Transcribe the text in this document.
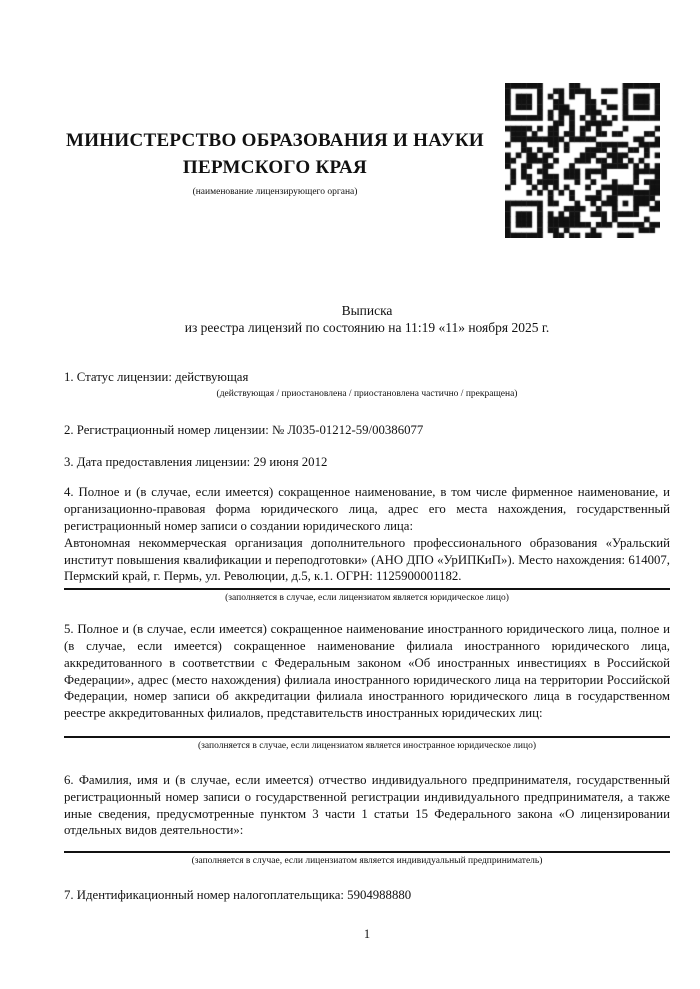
МИНИСТЕРСТВО ОБРАЗОВАНИЯ И НАУКИ
ПЕРМСКОГО КРАЯ
(наименование лицензирующего органа)
Выписка
из реестра лицензий по состоянию на 11:19 «11» ноября 2025 г.

1. Статус лицензии: действующая

(действующая / приостановлена / приостановлена частично / прекращена)

2. Регистрационный номер лицензии: № Л035-01212-59/00386077

3. Дата предоставления лицензии: 29 июня 2012

4. Полное и (в случае, если имеется) сокращенное наименование, в том числе фирменное наименование, и организационно-правовая форма юридического лица, адрес его места нахождения, государственный регистрационный номер записи о создании юридического лица:

Автономная некоммерческая организация дополнительного профессионального образования «Уральский институт повышения квалификации и переподготовки» (АНО ДПО «УрИПКиП»). Место нахождения: 614007, Пермский край, г. Пермь, ул. Революции, д.5, к.1. ОГРН: 1125900001182.

(заполняется в случае, если лицензиатом является юридическое лицо)

5. Полное и (в случае, если имеется) сокращенное наименование иностранного юридического лица, полное и (в случае, если имеется) сокращенное наименование филиала иностранного юридического лица, аккредитованного в соответствии с Федеральным законом «Об иностранных инвестициях в Российской Федерации», адрес (место нахождения) филиала иностранного юридического лица на территории Российской Федерации, номер записи об аккредитации филиала иностранного юридического лица в государственном реестре аккредитованных филиалов, представительств иностранных юридических лиц:

(заполняется в случае, если лицензиатом является иностранное юридическое лицо)

6. Фамилия, имя и (в случае, если имеется) отчество индивидуального предпринимателя, государственный регистрационный номер записи о государственной регистрации индивидуального предпринимателя, а также иные сведения, предусмотренные пунктом 3 части 1 статьи 15 Федерального закона «О лицензировании отдельных видов деятельности»:

(заполняется в случае, если лицензиатом является индивидуальный предприниматель)

7. Идентификационный номер налогоплательщика: 5904988880

1
